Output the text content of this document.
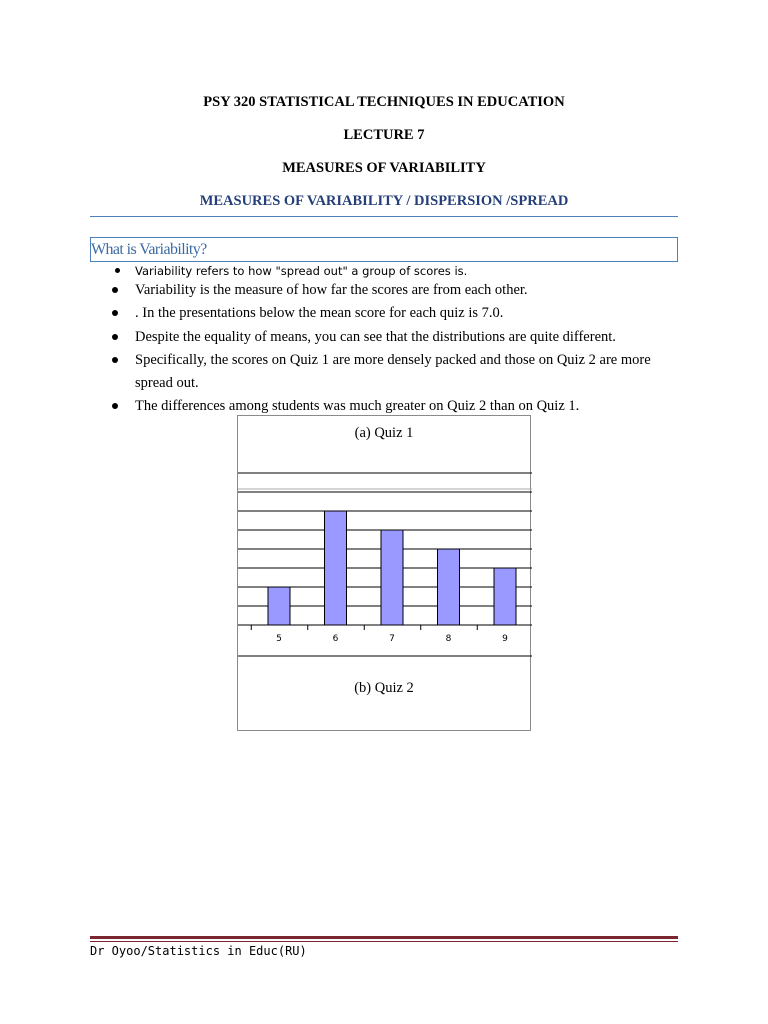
PSY 320 STATISTICAL TECHNIQUES IN EDUCATION
LECTURE 7
MEASURES OF VARIABILITY
MEASURES OF VARIABILITY / DISPERSION /SPREAD
What is Variability?
Variability refers to how "spread out" a group of scores is.
Variability is the measure of how far the scores are from each other.
. In the presentations below the mean score for each quiz is 7.0.
Despite the equality of means, you can see that the distributions are quite different.
Specifically, the scores on Quiz 1 are more densely packed and those on Quiz 2 are more
spread out.
The differences among students was much greater on Quiz 2 than on Quiz 1.
(a) Quiz 1
5	6	7	8	9
(b) Quiz 2
Dr Oyoo/Statistics in Educ(RU)
